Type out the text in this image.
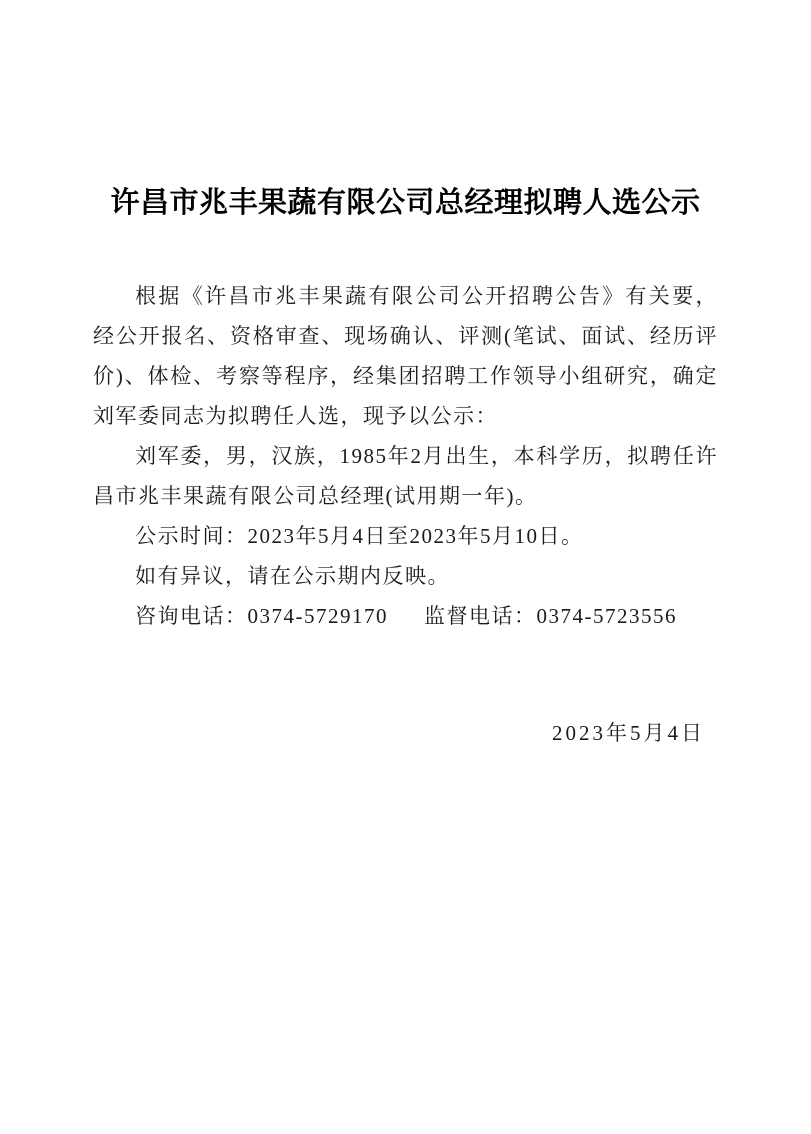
许昌市兆丰果蔬有限公司总经理拟聘人选公示

根据《许昌市兆丰果蔬有限公司公开招聘公告》有关要，经公开报名、资格审查、现场确认、评测(笔试、面试、经历评价)、体检、考察等程序，经集团招聘工作领导小组研究，确定刘军委同志为拟聘任人选，现予以公示：

刘军委，男，汉族，1985年2月出生，本科学历，拟聘任许昌市兆丰果蔬有限公司总经理(试用期一年)。

公示时间：2023年5月4日至2023年5月10日。

如有异议，请在公示期内反映。

咨询电话：0374-5729170 监督电话：0374-5723556

2023年5月4日
